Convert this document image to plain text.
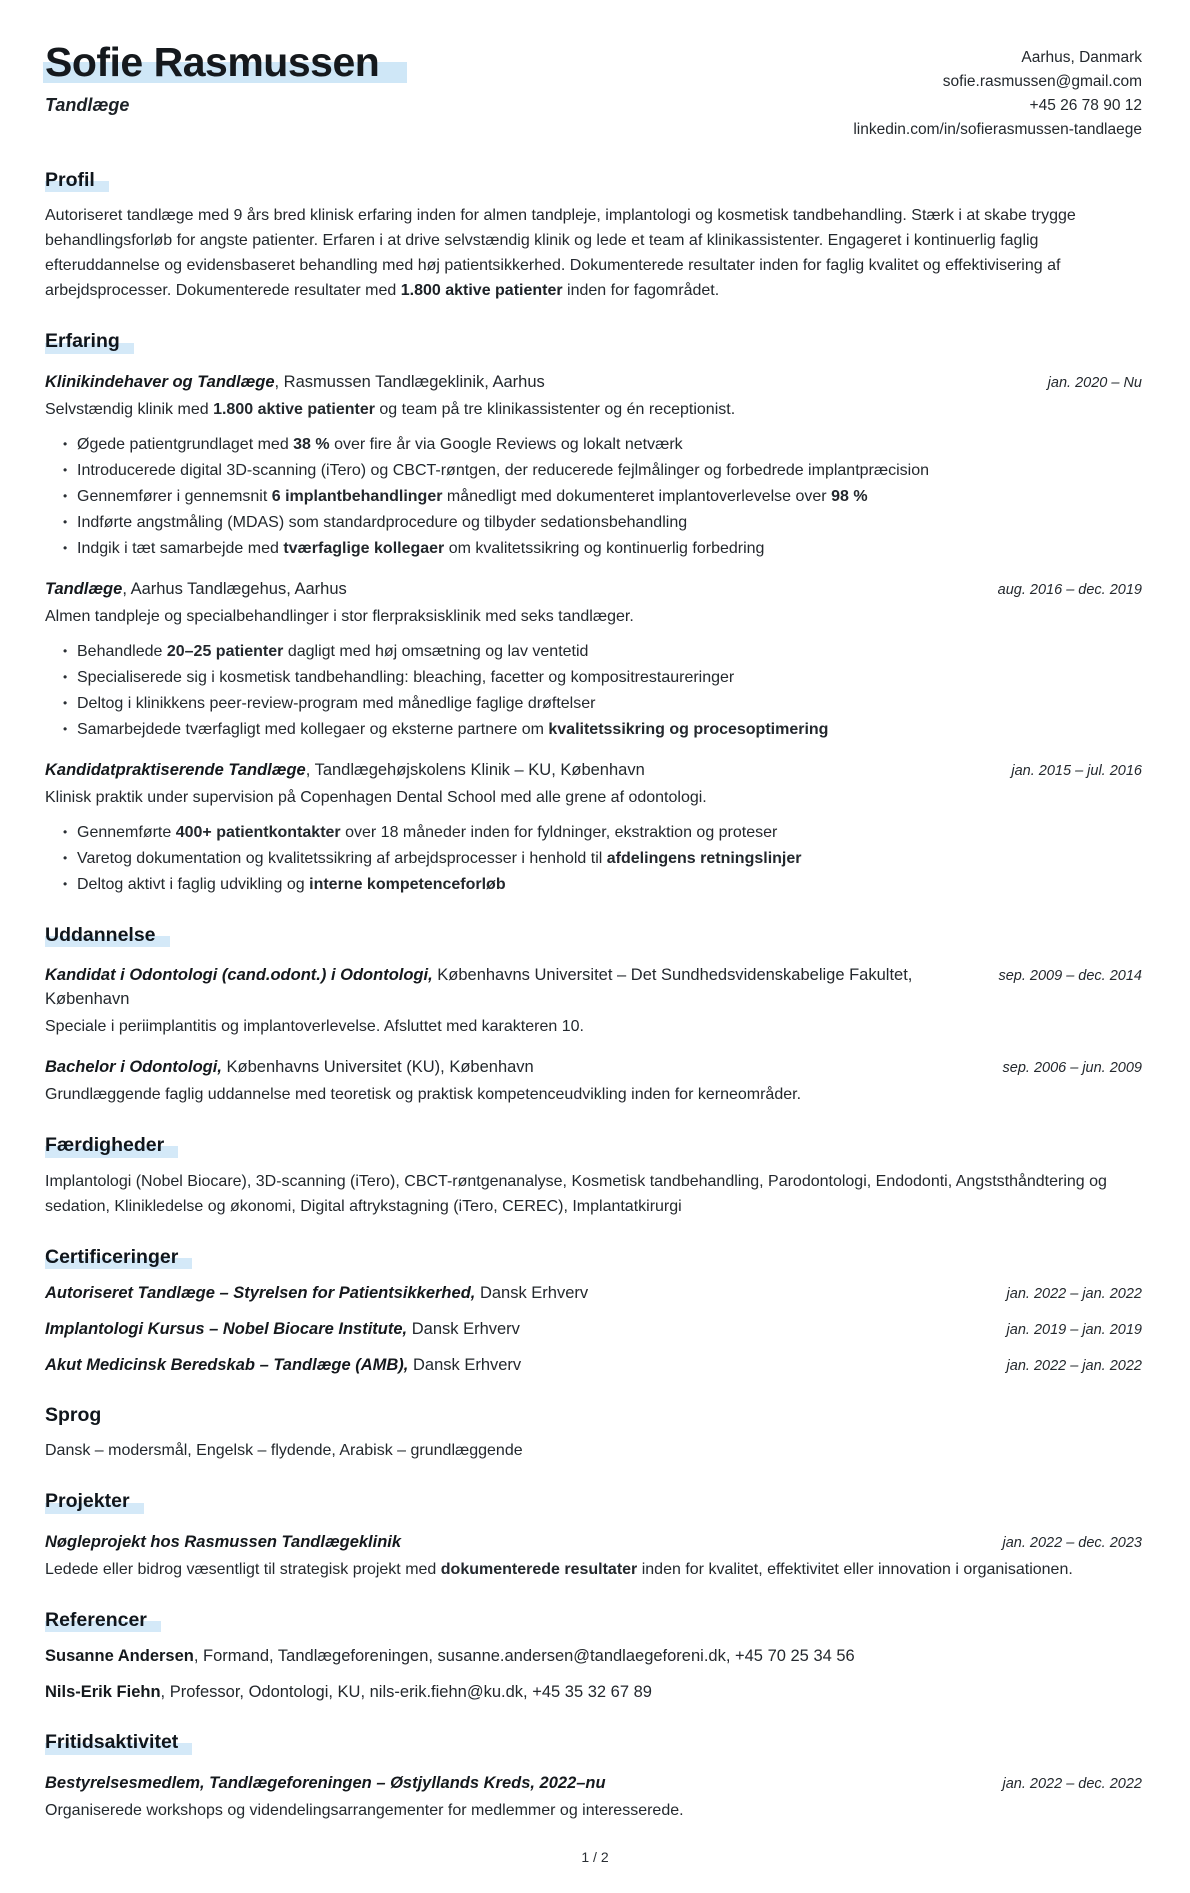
Sofie Rasmussen
Tandlæge
Aarhus, Danmark
sofie.rasmussen@gmail.com
+45 26 78 90 12
linkedin.com/in/sofierasmussen-tandlaege
Profil

Autoriseret tandlæge med 9 års bred klinisk erfaring inden for almen tandpleje, implantologi og kosmetisk tandbehandling. Stærk i at skabe trygge behandlingsforløb for angste patienter. Erfaren i at drive selvstændig klinik og lede et team af klinikassistenter. Engageret i kontinuerlig faglig efteruddannelse og evidensbaseret behandling med høj patientsikkerhed. Dokumenterede resultater inden for faglig kvalitet og effektivisering af arbejdsprocesser. Dokumenterede resultater med 1.800 aktive patienter inden for fagområdet.

Erfaring
Klinikindehaver og Tandlæge, Rasmussen Tandlægeklinik, Aarhus	jan. 2020 – Nu
Selvstændig klinik med 1.800 aktive patienter og team på tre klinikassistenter og én receptionist.
• Øgede patientgrundlaget med 38 % over fire år via Google Reviews og lokalt netværk
• Introducerede digital 3D-scanning (iTero) og CBCT-røntgen, der reducerede fejlmålinger og forbedrede implantpræcision
• Gennemfører i gennemsnit 6 implantbehandlinger månedligt med dokumenteret implantoverlevelse over 98 %
• Indførte angstmåling (MDAS) som standardprocedure og tilbyder sedationsbehandling
• Indgik i tæt samarbejde med tværfaglige kollegaer om kvalitetssikring og kontinuerlig forbedring
Tandlæge, Aarhus Tandlægehus, Aarhus	aug. 2016 – dec. 2019
Almen tandpleje og specialbehandlinger i stor flerpraksisklinik med seks tandlæger.
• Behandlede 20–25 patienter dagligt med høj omsætning og lav ventetid
• Specialiserede sig i kosmetisk tandbehandling: bleaching, facetter og kompositrestaureringer
• Deltog i klinikkens peer-review-program med månedlige faglige drøftelser
• Samarbejdede tværfagligt med kollegaer og eksterne partnere om kvalitetssikring og procesoptimering
Kandidatpraktiserende Tandlæge, Tandlægehøjskolens Klinik – KU, København	jan. 2015 – jul. 2016
Klinisk praktik under supervision på Copenhagen Dental School med alle grene af odontologi.
• Gennemførte 400+ patientkontakter over 18 måneder inden for fyldninger, ekstraktion og proteser
• Varetog dokumentation og kvalitetssikring af arbejdsprocesser i henhold til afdelingens retningslinjer
• Deltog aktivt i faglig udvikling og interne kompetenceforløb
Uddannelse
Kandidat i Odontologi (cand.odont.) i Odontologi, Københavns Universitet – Det Sundhedsvidenskabelige Fakultet, København
sep. 2009 – dec. 2014
Speciale i periimplantitis og implantoverlevelse. Afsluttet med karakteren 10.
Bachelor i Odontologi, Københavns Universitet (KU), København	sep. 2006 – jun. 2009
Grundlæggende faglig uddannelse med teoretisk og praktisk kompetenceudvikling inden for kerneområder.
Færdigheder

Implantologi (Nobel Biocare), 3D-scanning (iTero), CBCT-røntgenanalyse, Kosmetisk tandbehandling, Parodontologi, Endodonti, Angststhåndtering og sedation, Klinikledelse og økonomi, Digital aftrykstagning (iTero, CEREC), Implantatkirurgi

Certificeringer
Autoriseret Tandlæge – Styrelsen for Patientsikkerhed, Dansk Erhverv	jan. 2022 – jan. 2022
Implantologi Kursus – Nobel Biocare Institute, Dansk Erhverv	jan. 2019 – jan. 2019
Akut Medicinsk Beredskab – Tandlæge (AMB), Dansk Erhverv	jan. 2022 – jan. 2022
Sprog

Dansk – modersmål, Engelsk – flydende, Arabisk – grundlæggende

Projekter
Nøgleprojekt hos Rasmussen Tandlægeklinik	jan. 2022 – dec. 2023
Ledede eller bidrog væsentligt til strategisk projekt med dokumenterede resultater inden for kvalitet, effektivitet eller innovation i organisationen.
Referencer
Susanne Andersen, Formand, Tandlægeforeningen, susanne.andersen@tandlaegeforeni.dk, +45 70 25 34 56
Nils-Erik Fiehn, Professor, Odontologi, KU, nils-erik.fiehn@ku.dk, +45 35 32 67 89
Fritidsaktivitet
Bestyrelsesmedlem, Tandlægeforeningen – Østjyllands Kreds, 2022–nu	jan. 2022 – dec. 2022
Organiserede workshops og videndelingsarrangementer for medlemmer og interesserede.
1 / 2
